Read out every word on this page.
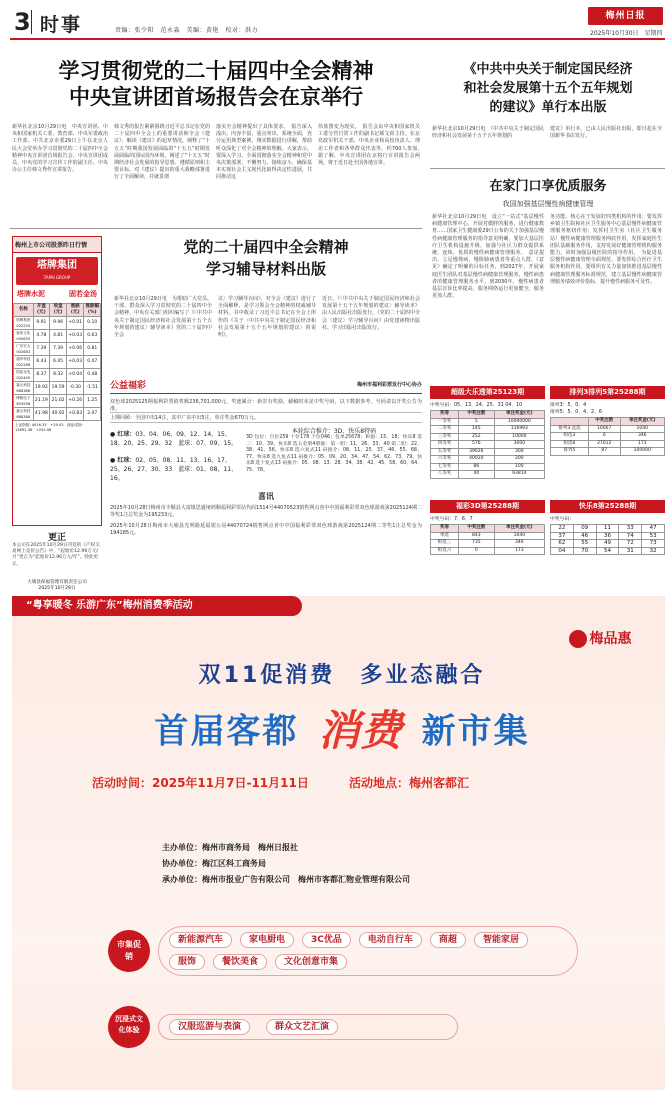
3 时事	责编：张少阳　范永淼　美编：黄艳　校对：洪力
梅州日报
2025年10月30日　星期四
学习贯彻党的二十届四中全会精神
中央宣讲团首场报告会在京举行
新华社北京10月29日电　中央宣讲团、中央和国家机关工委、教育部、中央军委政治工作部、中共北京市委29日上午在北京人民大会堂举办学习贯彻党的二十届四中全会精神中央宣讲团首场报告会。中央宣讲团成员、中央党的学习宣传工作的副主任、中央办公主任韩文秀作宣讲报告。
韩文秀的报告紧紧围绕习近平总书记在党的二十届四中全会上的重要讲话和全会《建议》，解读《建议》的起草情况，阐释了“十五五”时期我国发展面临的“十五五”时期发展面临的国际国内环境，阐述了“十五五”时期经济社会发展的指导思想、遵循原则和主要目标，对《建议》提出的重大战略部署进行了全面解读，并就贯彻
落实全会精神提出了具体要求。　报告深入浅出、内容丰富、重点突出、系统全面，充分运用典型案例、翔实数据进行讲解，帮助听众深化了对全会精神的理解。大家表示，要深入学习、全面贯彻落实全会精神和党中央决策部署，不懈努力、接续奋斗，确保基本实现社会主义现代化取得决定性进展，共同推动这
伟蓝图变为现实。　报告会由中央和国家机关工委分管日常工作的副书记郝文荷主持。在京党政军机关干部、中央企业和高校负责人、理论工作者和各界群众代表等，约700人参加。　据了解，中央宣讲团在京将行宣讲报告会两场，将于近日赴全国各地宣讲。
《中共中央关于制定国民经济
和社会发展第十五个五年规划
的建议》单行本出版
新华社北京10月29日电　《中共中央关于制定国民经济和社会发展第十五个五年规划的
建议》单行本，已由人民出版社出版，即日起在全国新华书店发行。
在家门口享优质服务
我国加强基层慢性病健康管理
新华社北京10月29日电　设立“一站式”基层慢性病健康管理中心，开展对微胖的服务，进行健康教育……国家卫生健康委29日公布的关于加强基层慢性病健康管理服务的指导意见明确，要加大基层医疗卫生机构设施升级，加强与社区力群众提供系统、连续、优质的慢性病健康管理服务。　意见提出，立足慢规病，慢阻肺病患者等重点人群，《意见》确定了明确的目标任务，到2027年，开展家庭医生团队对基层慢性病健康管理服务，慢性病患者的健康管理服务水平，到2030年，慢性病患者基层首诊比率提高，服务网络运行更加健全，服务更加人群。
务功能，核心在于发展好四类机构的作用；要发挥乡镇卫生院和社区卫生服务中心基层慢性病健康管理服务枢纽作用；发挥村卫生室（社区卫生服务站）慢性病健康管理服务网底作用，发挥家庭医生团队基础服务作用，支持发展好健康管理机构服务能力，同时加强县级医院的指导作用。　为促进基层慢性病健康管理全面规范，要发挥综合医疗卫生服务机构作用，要组织有关力量加快推进基层慢性病健康管理服务标准规范，建立基层慢性病健康管理服务绩效评价指标，提升慢性病服务可及性。
梅州上市公司股票昨日行情
塔牌集团
TAPAI GROUP
塔牌水泥	固若金汤
名称	开盘(元)	收盘(元)	涨跌(元)	涨跌幅(%)
塔牌集团 002233	9.91	9.96	+0.01	0.10
客家文化 000639	4.78	4.81	+0.03	0.63
广东宏大 002683	7.39	7.39	+0.06	0.81
超华科技 002288	6.43	6.45	+0.03	0.47
国星光电 002449	8.37	8.32	+0.04	0.48
嘉元科技 688388	19.92	19.59	-0.30	-1.51
博敏电子 603936	21.19	21.02	+0.26	1.25
嘉元科技 688388	41.98	40.92	+0.83	2.07
上证指数: 4016.33　+29.43　深证成指: 13691.38　+254.06
更正
本公司在2025年10月29日刊登的《产权交易网上竞价公告》中，“起始价12.96万元/月”更正为“起始价12.96万元/年”。特此更正。
大埔县保福管理有限责任公司
2025年10月29日
党的二十届四中全会精神
学习辅导材料出版
新华社北京10月29日电　为帮助广大党员、干部、群众深入学习贯彻党的二十届四中全会精神，中央有关部门组织编写了《〈中共中央关于制定国民经济和社会发展第十五个五年规划的建议〉辅导读本》党的二十届四中全会
议〉学习辅导百问》，对全会《建议》进行了全面解释，是学习领会全会精神的权威辅导材料。书中收录了习近平总书记在全会上所作的《关于〈中共中央关于制定国民经济和社会发展第十五个五年规划的建议〉的说明》。
近日，《〈中共中央关于制定国民经济和社会发展第十五个五年规划的建议〉辅导读本》由人民出版社出版发行，《党的二十届四中全会〈建议〉学习辅导百问》由党建读物出版社、学习出版社出版发行。
公益福彩	梅州市福利彩票发行中心协办
双色球2025125期福利彩票销售额236,701,000元，奖池累计：新岁有奖励，截稿时未见中奖号码，以下数据参考，号码请以开奖公告为准。
上期回顾：全国中出14注，其中广东中出5注，单注奖金670万元。
● 红球：03、04、06、09、12、14、15、18、20、25、29、32　蓝球：07、09、15。
● 红球：02、05、08、11、13、16、17、25、26、27、30、33　蓝球：01、08、11、16。
本轮综合推介：3D、快乐8特码
3D 包位：百位259 十位178 个位046；包单25678；和值：15、18；快乐8 选三：10、39。快乐8 选五金胆4胆拖：第一胆：11、26、33、40 第二胆：22、38、41、56。快乐8 选六复式11 码推介：08、11、25、37、46、55、68、77。快乐8 选九复式11 码推介：05、09、20、34、47、54、62、73、79。快乐8 选十复式13 码推介：05、08、13、28、34、38、42、45、58、60、64、75、78。
喜讯
2025年10月28日梅州市丰顺县大富镇思盛垭鸿顺福利彩票站代码1514号44070523销售网点喜中中国福利彩票双色球游戏第2025124期二等奖1注总奖金为195233元。
2025年10月28日梅州市大埔县光明路延福银公局44070724销售网点喜中中国福利彩票双色球游戏第2025124期二等奖1注总奖金为194185元。
超级大乐透第25123期
中奖号码：05、13、24、25、31 04、10
奖等	中奖注数	单注奖金(元)
一等奖	5	10000000
二等奖	145	116993
三等奖	252	10000
四等奖	576	3000
五等奖	39626	300
六等奖	40020	200
七等奖	86	100
八等奖	40	93814
排列3排列5第25288期
排列3：5、0、4
排列5：5、0、4、2、6
	中奖注数	单注奖金(元)
排列3 直选	10067	1040
组选3	0	346
组选6	27012	173
排列5	87	100000
福彩3D第25288期
中奖号码：7、6、7
奖等	中奖注数	单注奖金(元)
单选	843	1040
组选三	735	346
组选六	0	173
快乐8第25288期
中奖号码：
22	09	11	33	47
37	46	36	74	53
62	55	49	72	73
04	70	54	31	32
“粤享暖冬 乐游广东”梅州消费季活动
梅品惠
双11促消费　 多业态融合
首届客都 消费 新市集
活动时间：2025年11月7日-11月11日	活动地点：梅州客都汇
主办单位：梅州市商务局　梅州日报社
协办单位：梅江区科工商务局
承办单位：梅州市报业广告有限公司　梅州市客都汇物业管理有限公司
市集促销
新能源汽车	家电厨电	3C优品	电动自行车	商超	智能家居
服饰	餐饮美食	文化创意市集
沉浸式文化体验	汉服巡游与表演	群众文艺汇演
